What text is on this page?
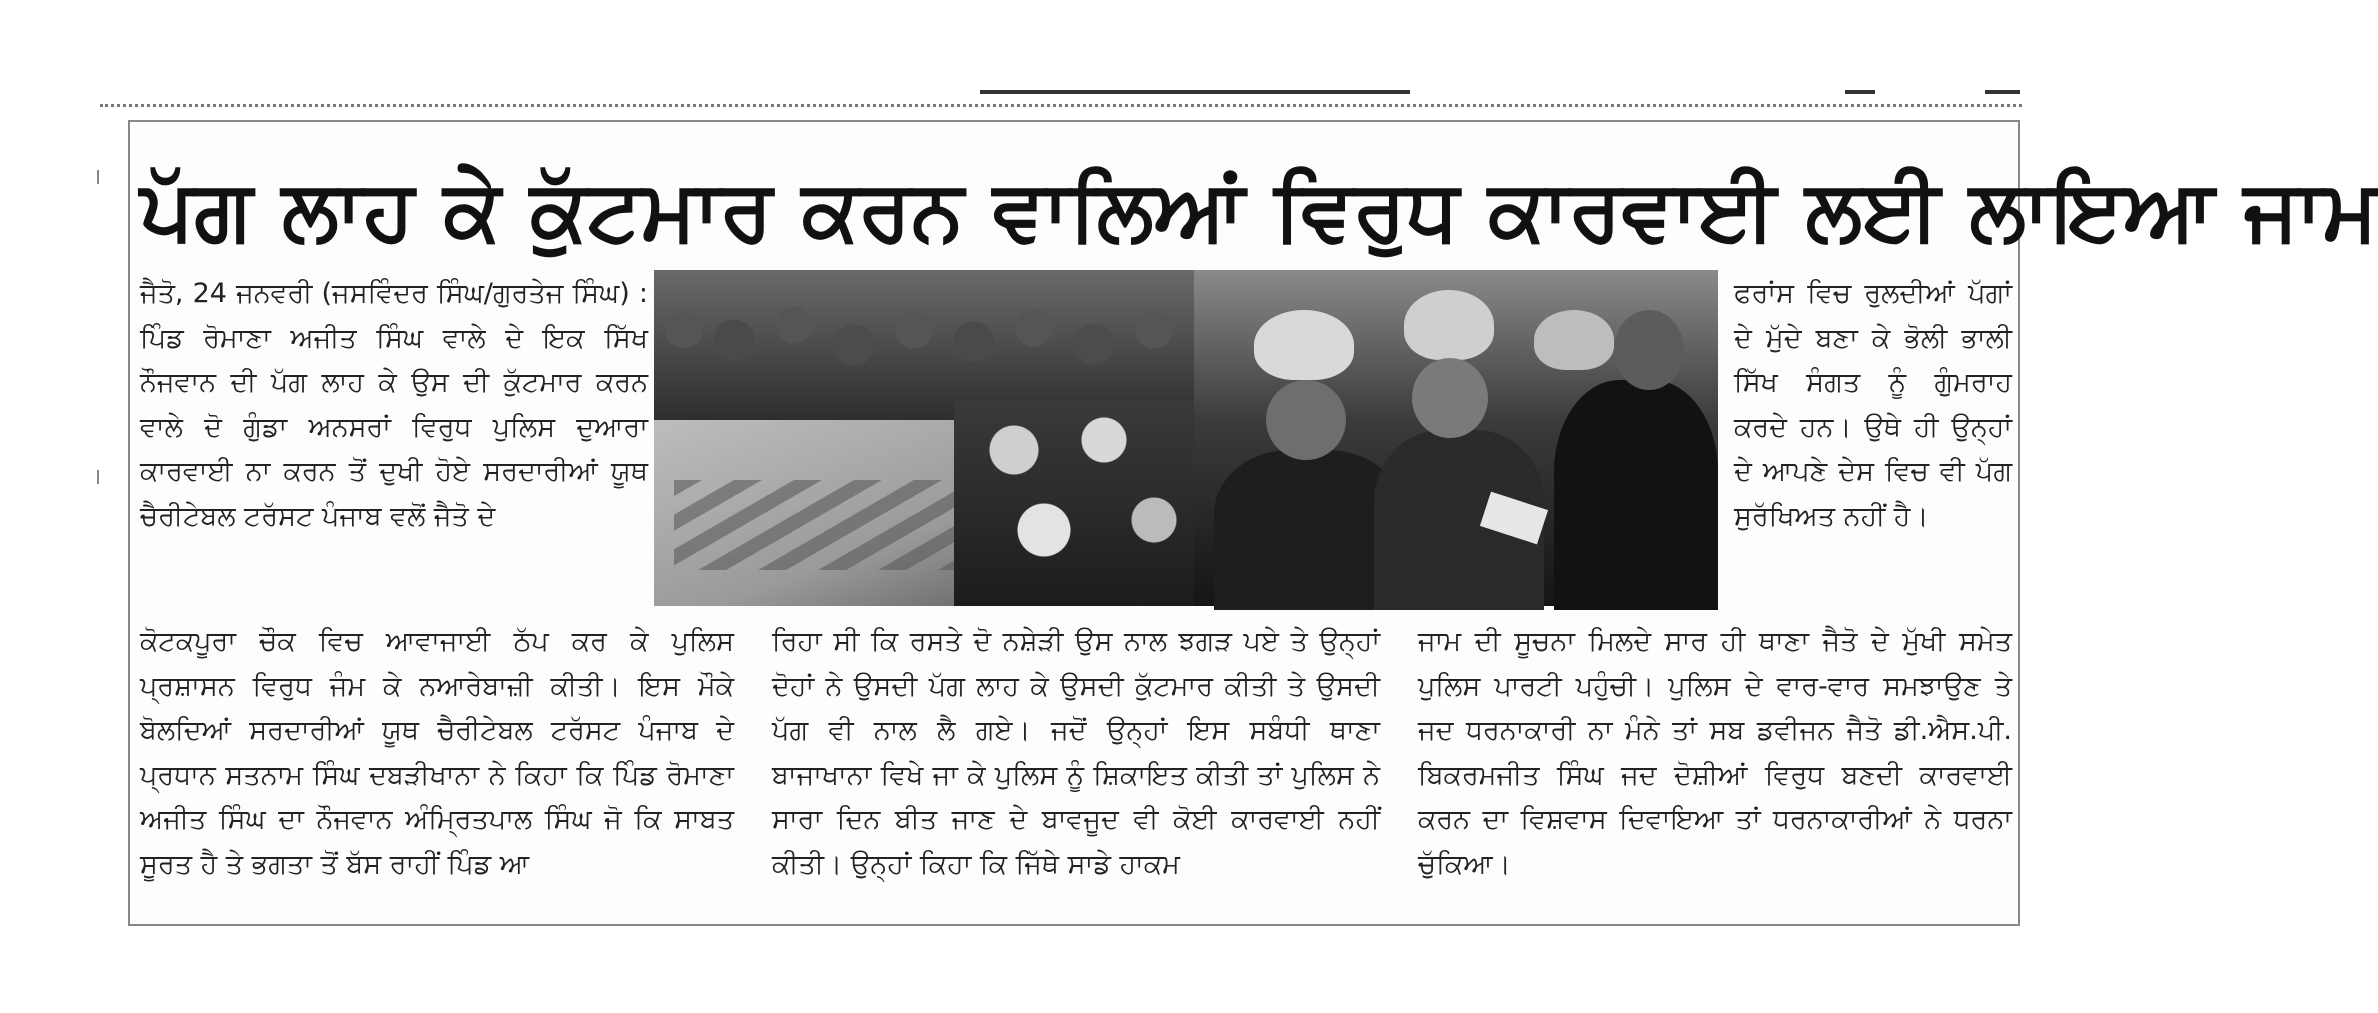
ਪੱਗ ਲਾਹ ਕੇ ਕੁੱਟਮਾਰ ਕਰਨ ਵਾਲਿਆਂ ਵਿਰੁਧ ਕਾਰਵਾਈ ਲਈ ਲਾਇਆ ਜਾਮ

ਜੈਤੋ, 24 ਜਨਵਰੀ (ਜਸਵਿੰਦਰ ਸਿੰਘ/ਗੁਰਤੇਜ ਸਿੰਘ) : ਪਿੰਡ ਰੋਮਾਣਾ ਅਜੀਤ ਸਿੰਘ ਵਾਲੇ ਦੇ ਇਕ ਸਿੱਖ ਨੌਜਵਾਨ ਦੀ ਪੱਗ ਲਾਹ ਕੇ ਉਸ ਦੀ ਕੁੱਟਮਾਰ ਕਰਨ ਵਾਲੇ ਦੋ ਗੁੰਡਾ ਅਨਸਰਾਂ ਵਿਰੁਧ ਪੁਲਿਸ ਦੁਆਰਾ ਕਾਰਵਾਈ ਨਾ ਕਰਨ ਤੋਂ ਦੁਖੀ ਹੋਏ ਸਰਦਾਰੀਆਂ ਯੂਥ ਚੈਰੀਟੇਬਲ ਟਰੱਸਟ ਪੰਜਾਬ ਵਲੋਂ ਜੈਤੋ ਦੇ

ਫਰਾਂਸ ਵਿਚ ਰੁਲਦੀਆਂ ਪੱਗਾਂ ਦੇ ਮੁੱਦੇ ਬਣਾ ਕੇ ਭੋਲੀ ਭਾਲੀ ਸਿੱਖ ਸੰਗਤ ਨੂੰ ਗੁੰਮਰਾਹ ਕਰਦੇ ਹਨ। ਉਥੇ ਹੀ ਉਨ੍ਹਾਂ ਦੇ ਆਪਣੇ ਦੇਸ ਵਿਚ ਵੀ ਪੱਗ ਸੁਰੱਖਿਅਤ ਨਹੀਂ ਹੈ।

ਕੋਟਕਪੂਰਾ ਚੌਕ ਵਿਚ ਆਵਾਜਾਈ ਠੱਪ ਕਰ ਕੇ ਪੁਲਿਸ ਪ੍ਰਸ਼ਾਸਨ ਵਿਰੁਧ ਜੰਮ ਕੇ ਨਆਰੇਬਾਜ਼ੀ ਕੀਤੀ। ਇਸ ਮੌਕੇ ਬੋਲਦਿਆਂ ਸਰਦਾਰੀਆਂ ਯੂਥ ਚੈਰੀਟੇਬਲ ਟਰੱਸਟ ਪੰਜਾਬ ਦੇ ਪ੍ਰਧਾਨ ਸਤਨਾਮ ਸਿੰਘ ਦਬੜੀਖਾਨਾ ਨੇ ਕਿਹਾ ਕਿ ਪਿੰਡ ਰੋਮਾਣਾ ਅਜੀਤ ਸਿੰਘ ਦਾ ਨੌਜਵਾਨ ਅੰਮ੍ਰਿਤਪਾਲ ਸਿੰਘ ਜੋ ਕਿ ਸਾਬਤ ਸੂਰਤ ਹੈ ਤੇ ਭਗਤਾ ਤੋਂ ਬੱਸ ਰਾਹੀਂ ਪਿੰਡ ਆ

ਰਿਹਾ ਸੀ ਕਿ ਰਸਤੇ ਦੋ ਨਸ਼ੇੜੀ ਉਸ ਨਾਲ ਝਗੜ ਪਏ ਤੇ ਉਨ੍ਹਾਂ ਦੋਹਾਂ ਨੇ ਉਸਦੀ ਪੱਗ ਲਾਹ ਕੇ ਉਸਦੀ ਕੁੱਟਮਾਰ ਕੀਤੀ ਤੇ ਉਸਦੀ ਪੱਗ ਵੀ ਨਾਲ ਲੈ ਗਏ। ਜਦੋਂ ਉਨ੍ਹਾਂ ਇਸ ਸਬੰਧੀ ਥਾਣਾ ਬਾਜਾਖਾਨਾ ਵਿਖੇ ਜਾ ਕੇ ਪੁਲਿਸ ਨੂੰ ਸ਼ਿਕਾਇਤ ਕੀਤੀ ਤਾਂ ਪੁਲਿਸ ਨੇ ਸਾਰਾ ਦਿਨ ਬੀਤ ਜਾਣ ਦੇ ਬਾਵਜੂਦ ਵੀ ਕੋਈ ਕਾਰਵਾਈ ਨਹੀਂ ਕੀਤੀ। ਉਨ੍ਹਾਂ ਕਿਹਾ ਕਿ ਜਿੱਥੇ ਸਾਡੇ ਹਾਕਮ

ਜਾਮ ਦੀ ਸੂਚਨਾ ਮਿਲਦੇ ਸਾਰ ਹੀ ਥਾਣਾ ਜੈਤੋ ਦੇ ਮੁੱਖੀ ਸਮੇਤ ਪੁਲਿਸ ਪਾਰਟੀ ਪਹੁੰਚੀ। ਪੁਲਿਸ ਦੇ ਵਾਰ-ਵਾਰ ਸਮਝਾਉਣ ਤੇ ਜਦ ਧਰਨਾਕਾਰੀ ਨਾ ਮੰਨੇ ਤਾਂ ਸਬ ਡਵੀਜਨ ਜੈਤੋ ਡੀ.ਐਸ.ਪੀ. ਬਿਕਰਮਜੀਤ ਸਿੰਘ ਜਦ ਦੋਸ਼ੀਆਂ ਵਿਰੁਧ ਬਣਦੀ ਕਾਰਵਾਈ ਕਰਨ ਦਾ ਵਿਸ਼ਵਾਸ ਦਿਵਾਇਆ ਤਾਂ ਧਰਨਾਕਾਰੀਆਂ ਨੇ ਧਰਨਾ ਚੁੱਕਿਆ।
